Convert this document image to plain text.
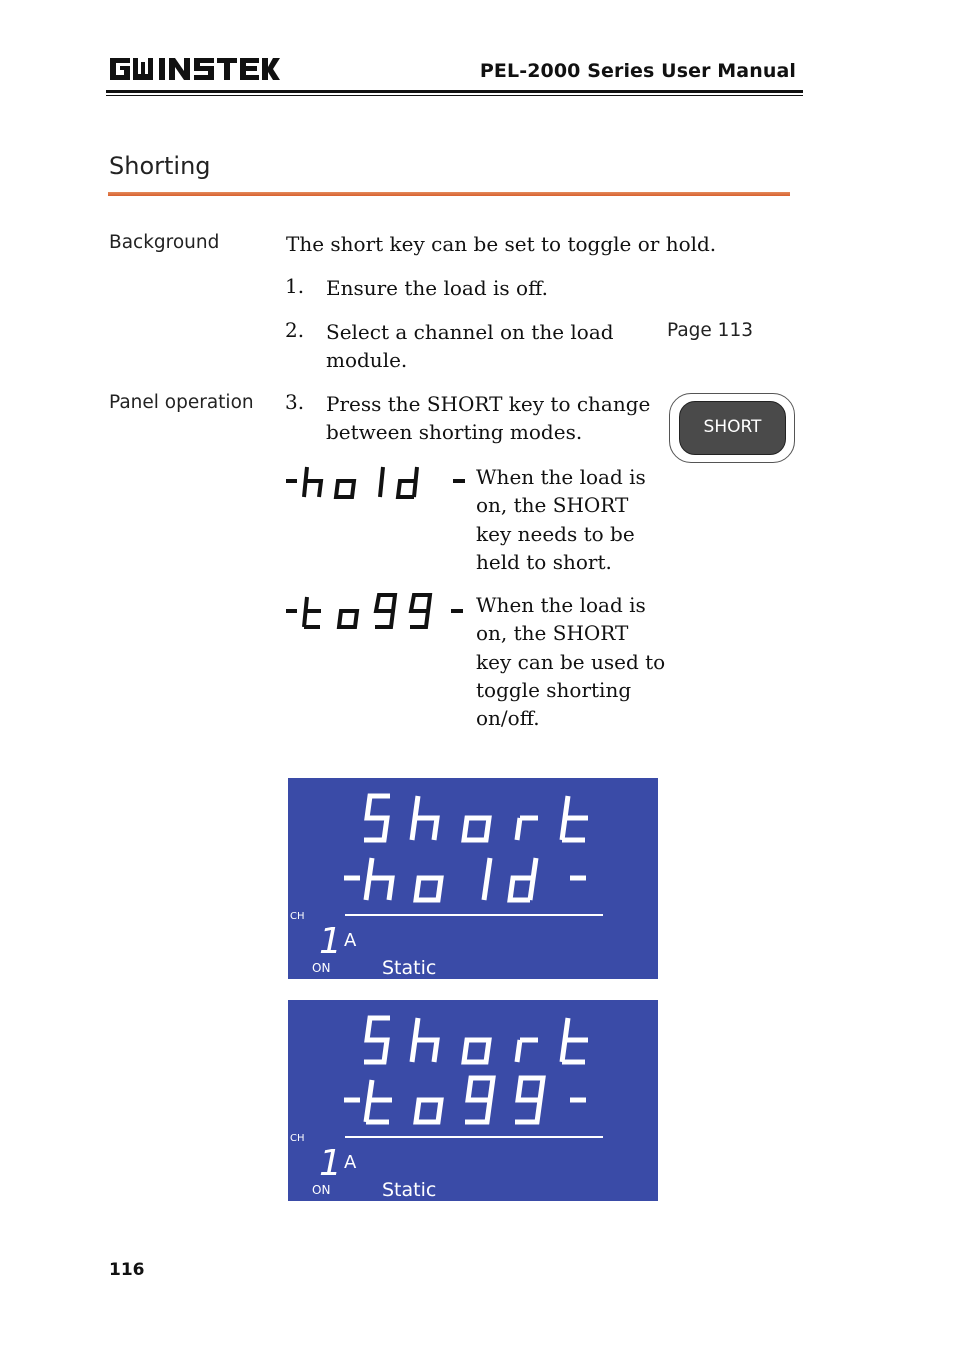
PEL-2000 Series User Manual
Shorting
Background	The short key can be set to toggle or hold.
1. Ensure the load is off.
2. Select a channel on the load module.
Page 113
Panel operation 3. Press the SHORT key to change between shorting modes.	SHORT
When the load is on, the SHORT key needs to be held to short.
When the load is on, the SHORT key can be used to toggle shorting on/off.
CH
1 A
ON	Static
CH
1 A
ON	Static
116
